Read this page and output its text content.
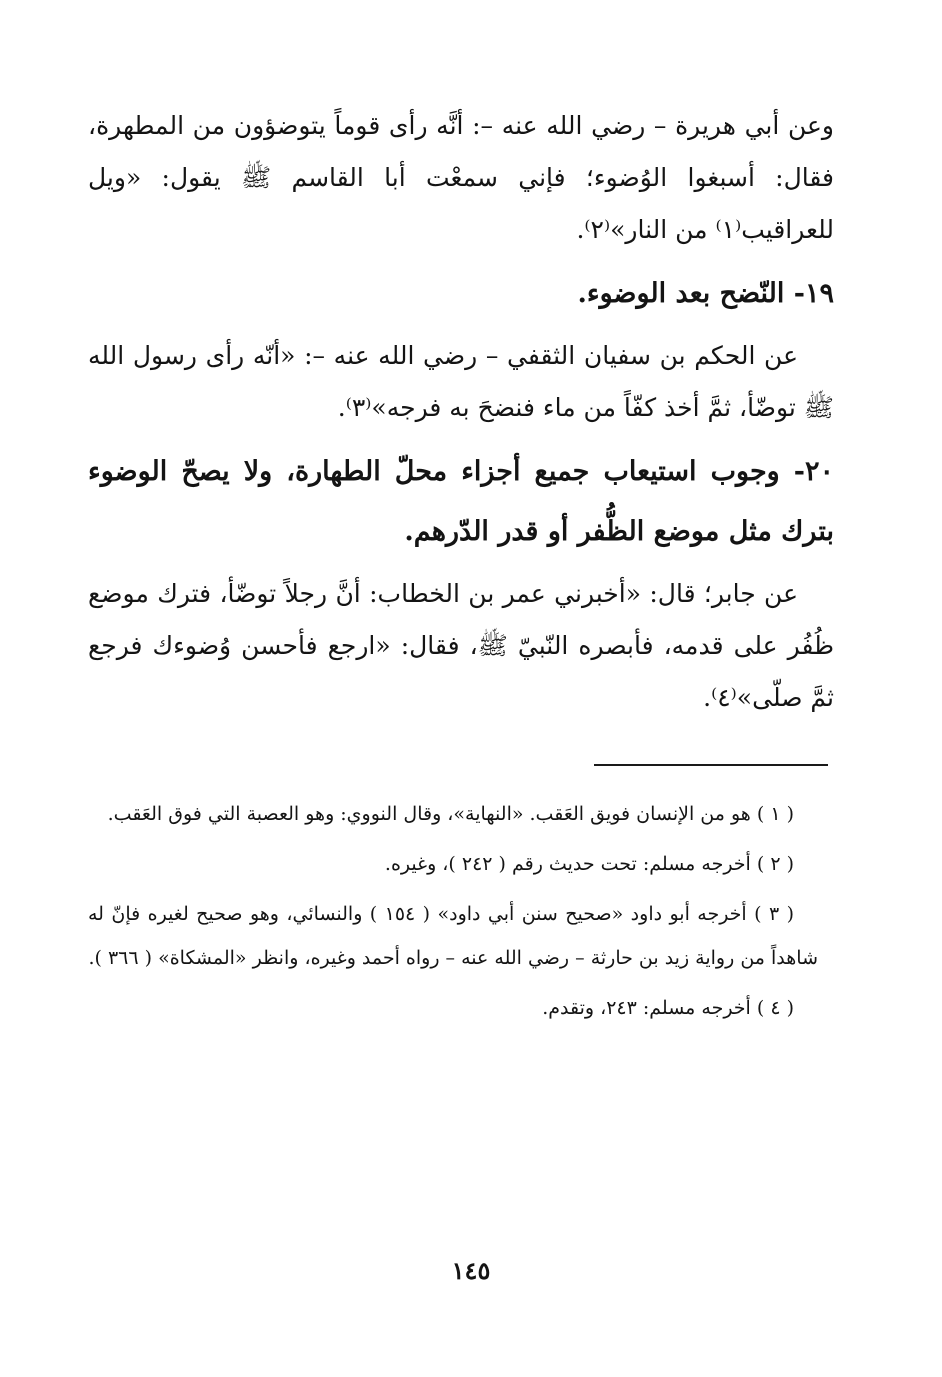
وعن أبي هريرة – رضي الله عنه –: أنَّه رأى قوماً يتوضؤون من المطهرة، فقال: أسبغوا الوُضوء؛ فإني سمعْت أبا القاسم ﷺ يقول: «ويل للعراقيب⁽١⁾ من النار»⁽٢⁾.

١٩- النّضح بعد الوضوء.

عن الحكم بن سفيان الثقفي – رضي الله عنه –: «أنّه رأى رسول الله ﷺ توضّأ، ثمَّ أخذ كفّاً من ماء فنضحَ به فرجه»⁽٣⁾.

٢٠- وجوب استيعاب جميع أجزاء محلّ الطهارة، ولا يصحّ الوضوء بترك مثل موضع الظُّفر أو قدر الدّرهم.

عن جابر؛ قال: «أخبرني عمر بن الخطاب: أنَّ رجلاً توضّأ، فترك موضع ظُفُر على قدمه، فأبصره النّبيّ ﷺ، فقال: «ارجع فأحسن وُضوءك فرجع ثمَّ صلّى»⁽٤⁾.

( ١ ) هو من الإنسان فويق العَقب. «النهاية»، وقال النووي: وهو العصبة التي فوق العَقب.

( ٢ ) أخرجه مسلم: تحت حديث رقم ( ٢٤٢ )، وغيره.

( ٣ ) أخرجه أبو داود «صحيح سنن أبي داود» ( ١٥٤ ) والنسائي، وهو صحيح لغيره فإنّ له شاهداً من رواية زيد بن حارثة – رضي الله عنه – رواه أحمد وغيره، وانظر «المشكاة» ( ٣٦٦ ).

( ٤ ) أخرجه مسلم: ٢٤٣، وتقدم.

١٤٥
